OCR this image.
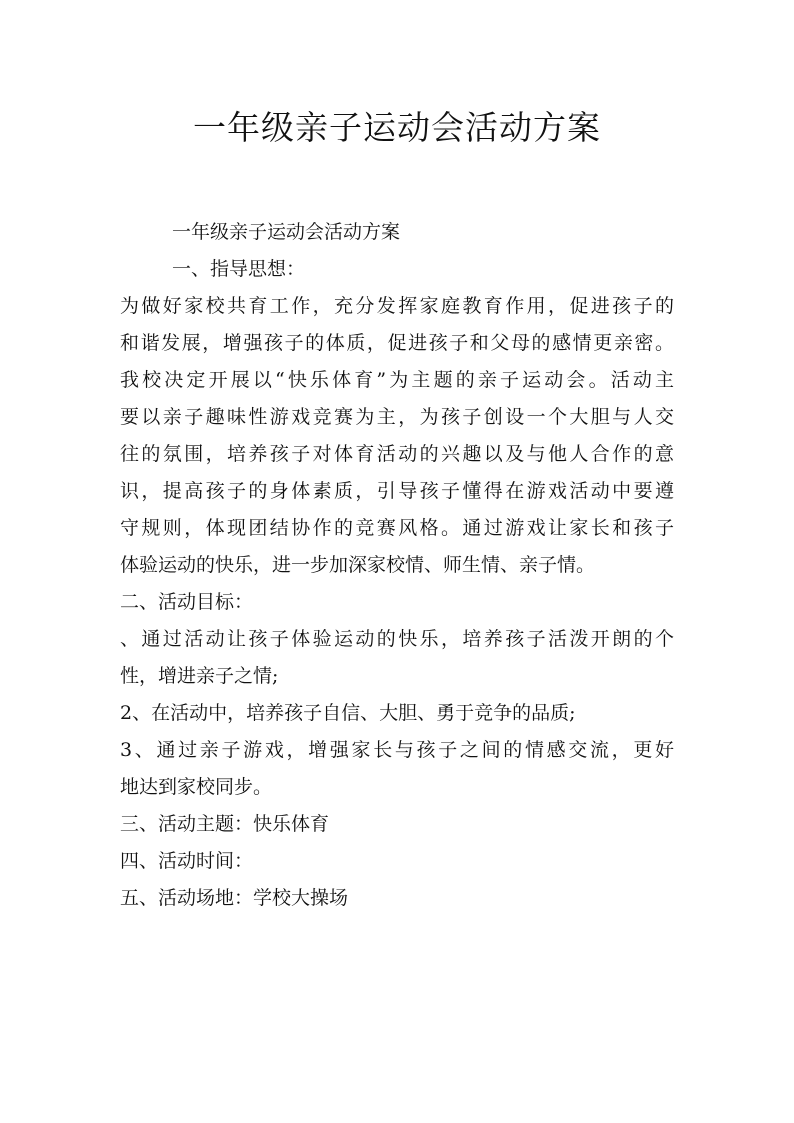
一年级亲子运动会活动方案
一年级亲子运动会活动方案
一、指导思想：
为做好家校共育工作，充分发挥家庭教育作用，促进孩子的
和谐发展，增强孩子的体质，促进孩子和父母的感情更亲密。
我校决定开展以“快乐体育”为主题的亲子运动会。活动主
要以亲子趣味性游戏竞赛为主，为孩子创设一个大胆与人交
往的氛围，培养孩子对体育活动的兴趣以及与他人合作的意
识，提高孩子的身体素质，引导孩子懂得在游戏活动中要遵
守规则，体现团结协作的竞赛风格。通过游戏让家长和孩子
体验运动的快乐，进一步加深家校情、师生情、亲子情。
二、活动目标：
、通过活动让孩子体验运动的快乐，培养孩子活泼开朗的个
性，增进亲子之情;
2、在活动中，培养孩子自信、大胆、勇于竞争的品质;
3、通过亲子游戏，增强家长与孩子之间的情感交流，更好
地达到家校同步。
三、活动主题：快乐体育
四、活动时间：
五、活动场地：学校大操场
